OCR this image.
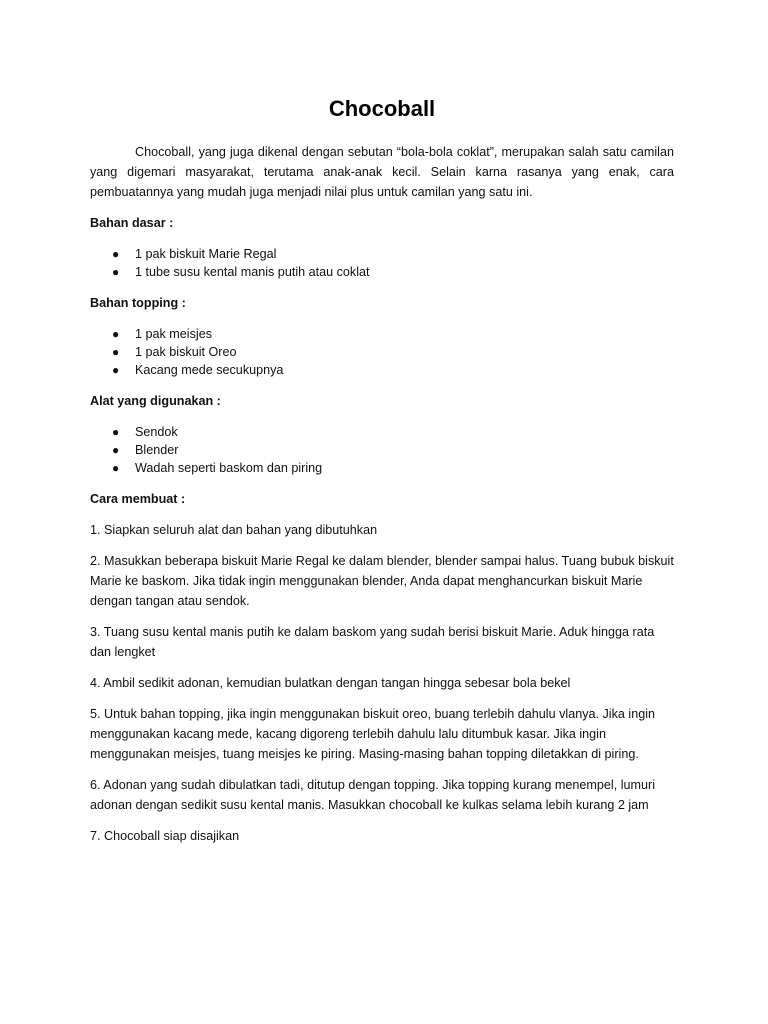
Chocoball

Chocoball, yang juga dikenal dengan sebutan “bola-bola coklat”, merupakan salah satu camilan yang digemari masyarakat, terutama anak-anak kecil. Selain karna rasanya yang enak, cara pembuatannya yang mudah juga menjadi nilai plus untuk camilan yang satu ini.

Bahan dasar :

● 1 pak biskuit Marie Regal
● 1 tube susu kental manis putih atau coklat

Bahan topping :

● 1 pak meisjes
● 1 pak biskuit Oreo
● Kacang mede secukupnya

Alat yang digunakan :

● Sendok
● Blender
● Wadah seperti baskom dan piring

Cara membuat :

1. Siapkan seluruh alat dan bahan yang dibutuhkan

2. Masukkan beberapa biskuit Marie Regal ke dalam blender, blender sampai halus. Tuang bubuk biskuit Marie ke baskom. Jika tidak ingin menggunakan blender, Anda dapat menghancurkan biskuit Marie dengan tangan atau sendok.

3. Tuang susu kental manis putih ke dalam baskom yang sudah berisi biskuit Marie. Aduk hingga rata dan lengket

4. Ambil sedikit adonan, kemudian bulatkan dengan tangan hingga sebesar bola bekel

5. Untuk bahan topping, jika ingin menggunakan biskuit oreo, buang terlebih dahulu vlanya. Jika ingin menggunakan kacang mede, kacang digoreng terlebih dahulu lalu ditumbuk kasar. Jika ingin menggunakan meisjes, tuang meisjes ke piring. Masing-masing bahan topping diletakkan di piring.

6. Adonan yang sudah dibulatkan tadi, ditutup dengan topping. Jika topping kurang menempel, lumuri adonan dengan sedikit susu kental manis. Masukkan chocoball ke kulkas selama lebih kurang 2 jam

7. Chocoball siap disajikan
